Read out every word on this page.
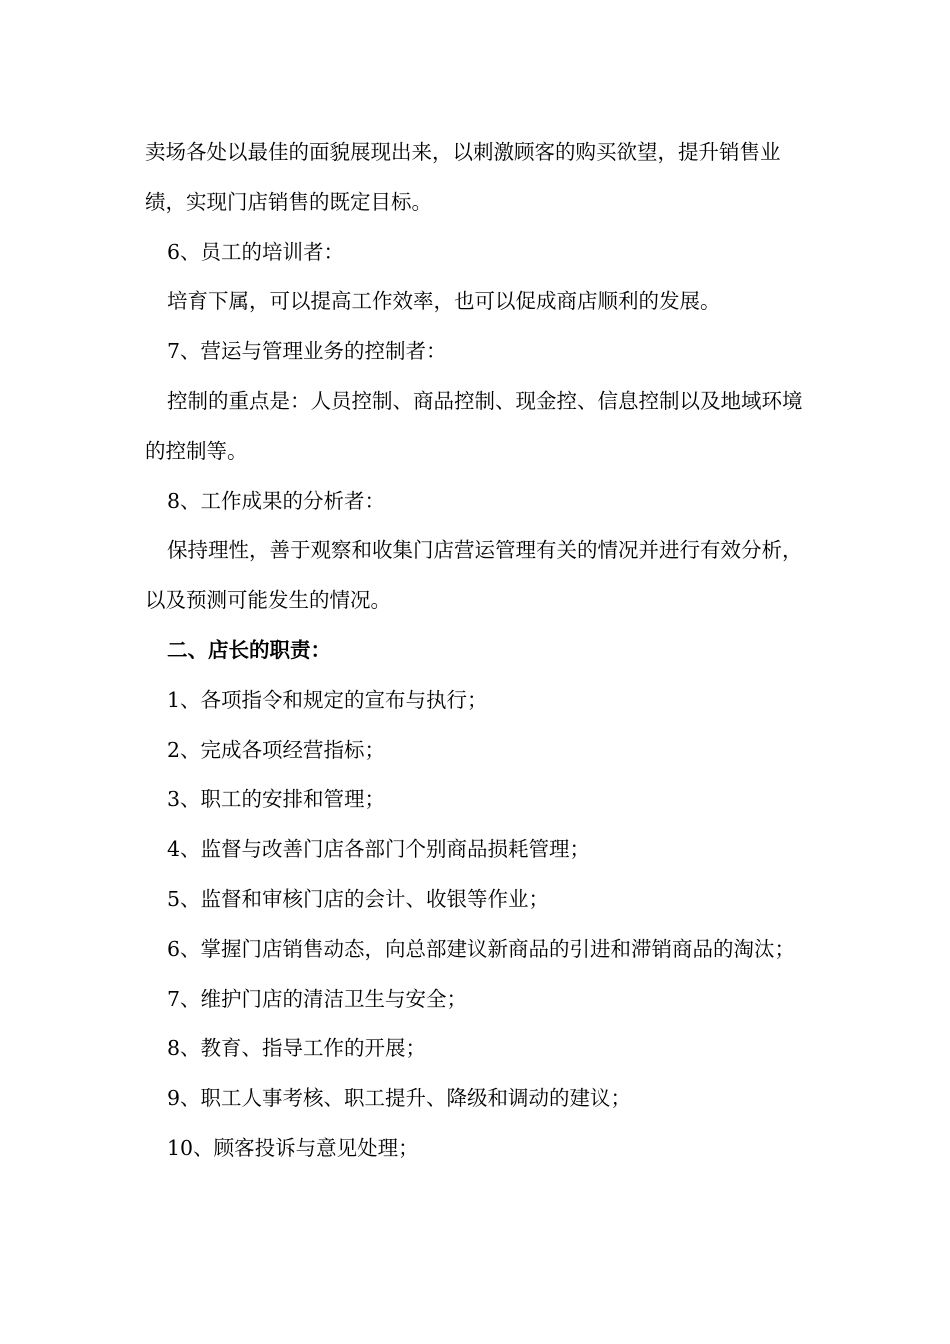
卖场各处以最佳的面貌展现出来，以刺激顾客的购买欲望，提升销售业绩，实现门店销售的既定目标。

6、员工的培训者：

培育下属，可以提高工作效率，也可以促成商店顺利的发展。

7、营运与管理业务的控制者：

控制的重点是：人员控制、商品控制、现金控、信息控制以及地域环境的控制等。

8、工作成果的分析者：

保持理性，善于观察和收集门店营运管理有关的情况并进行有效分析，以及预测可能发生的情况。

二、店长的职责：

1、各项指令和规定的宣布与执行；

2、完成各项经营指标；

3、职工的安排和管理；

4、监督与改善门店各部门个别商品损耗管理；

5、监督和审核门店的会计、收银等作业；

6、掌握门店销售动态，向总部建议新商品的引进和滞销商品的淘汰；

7、维护门店的清洁卫生与安全；

8、教育、指导工作的开展；

9、职工人事考核、职工提升、降级和调动的建议；

10、顾客投诉与意见处理；
